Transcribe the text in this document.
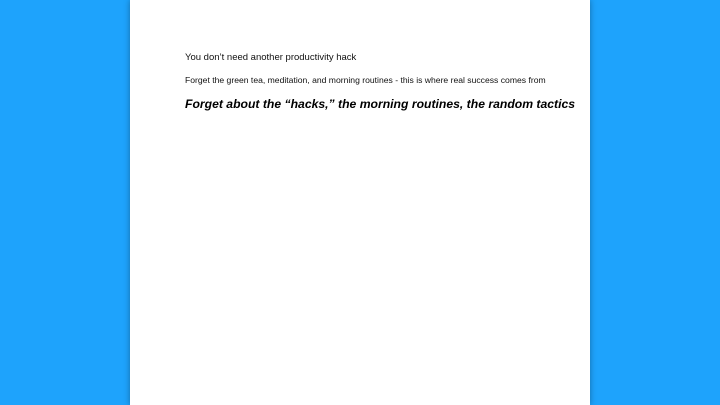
You don’t need another productivity hack
Forget the green tea, meditation, and morning routines - this is where real success comes from
Forget about the “hacks,” the morning routines, the random tactics
